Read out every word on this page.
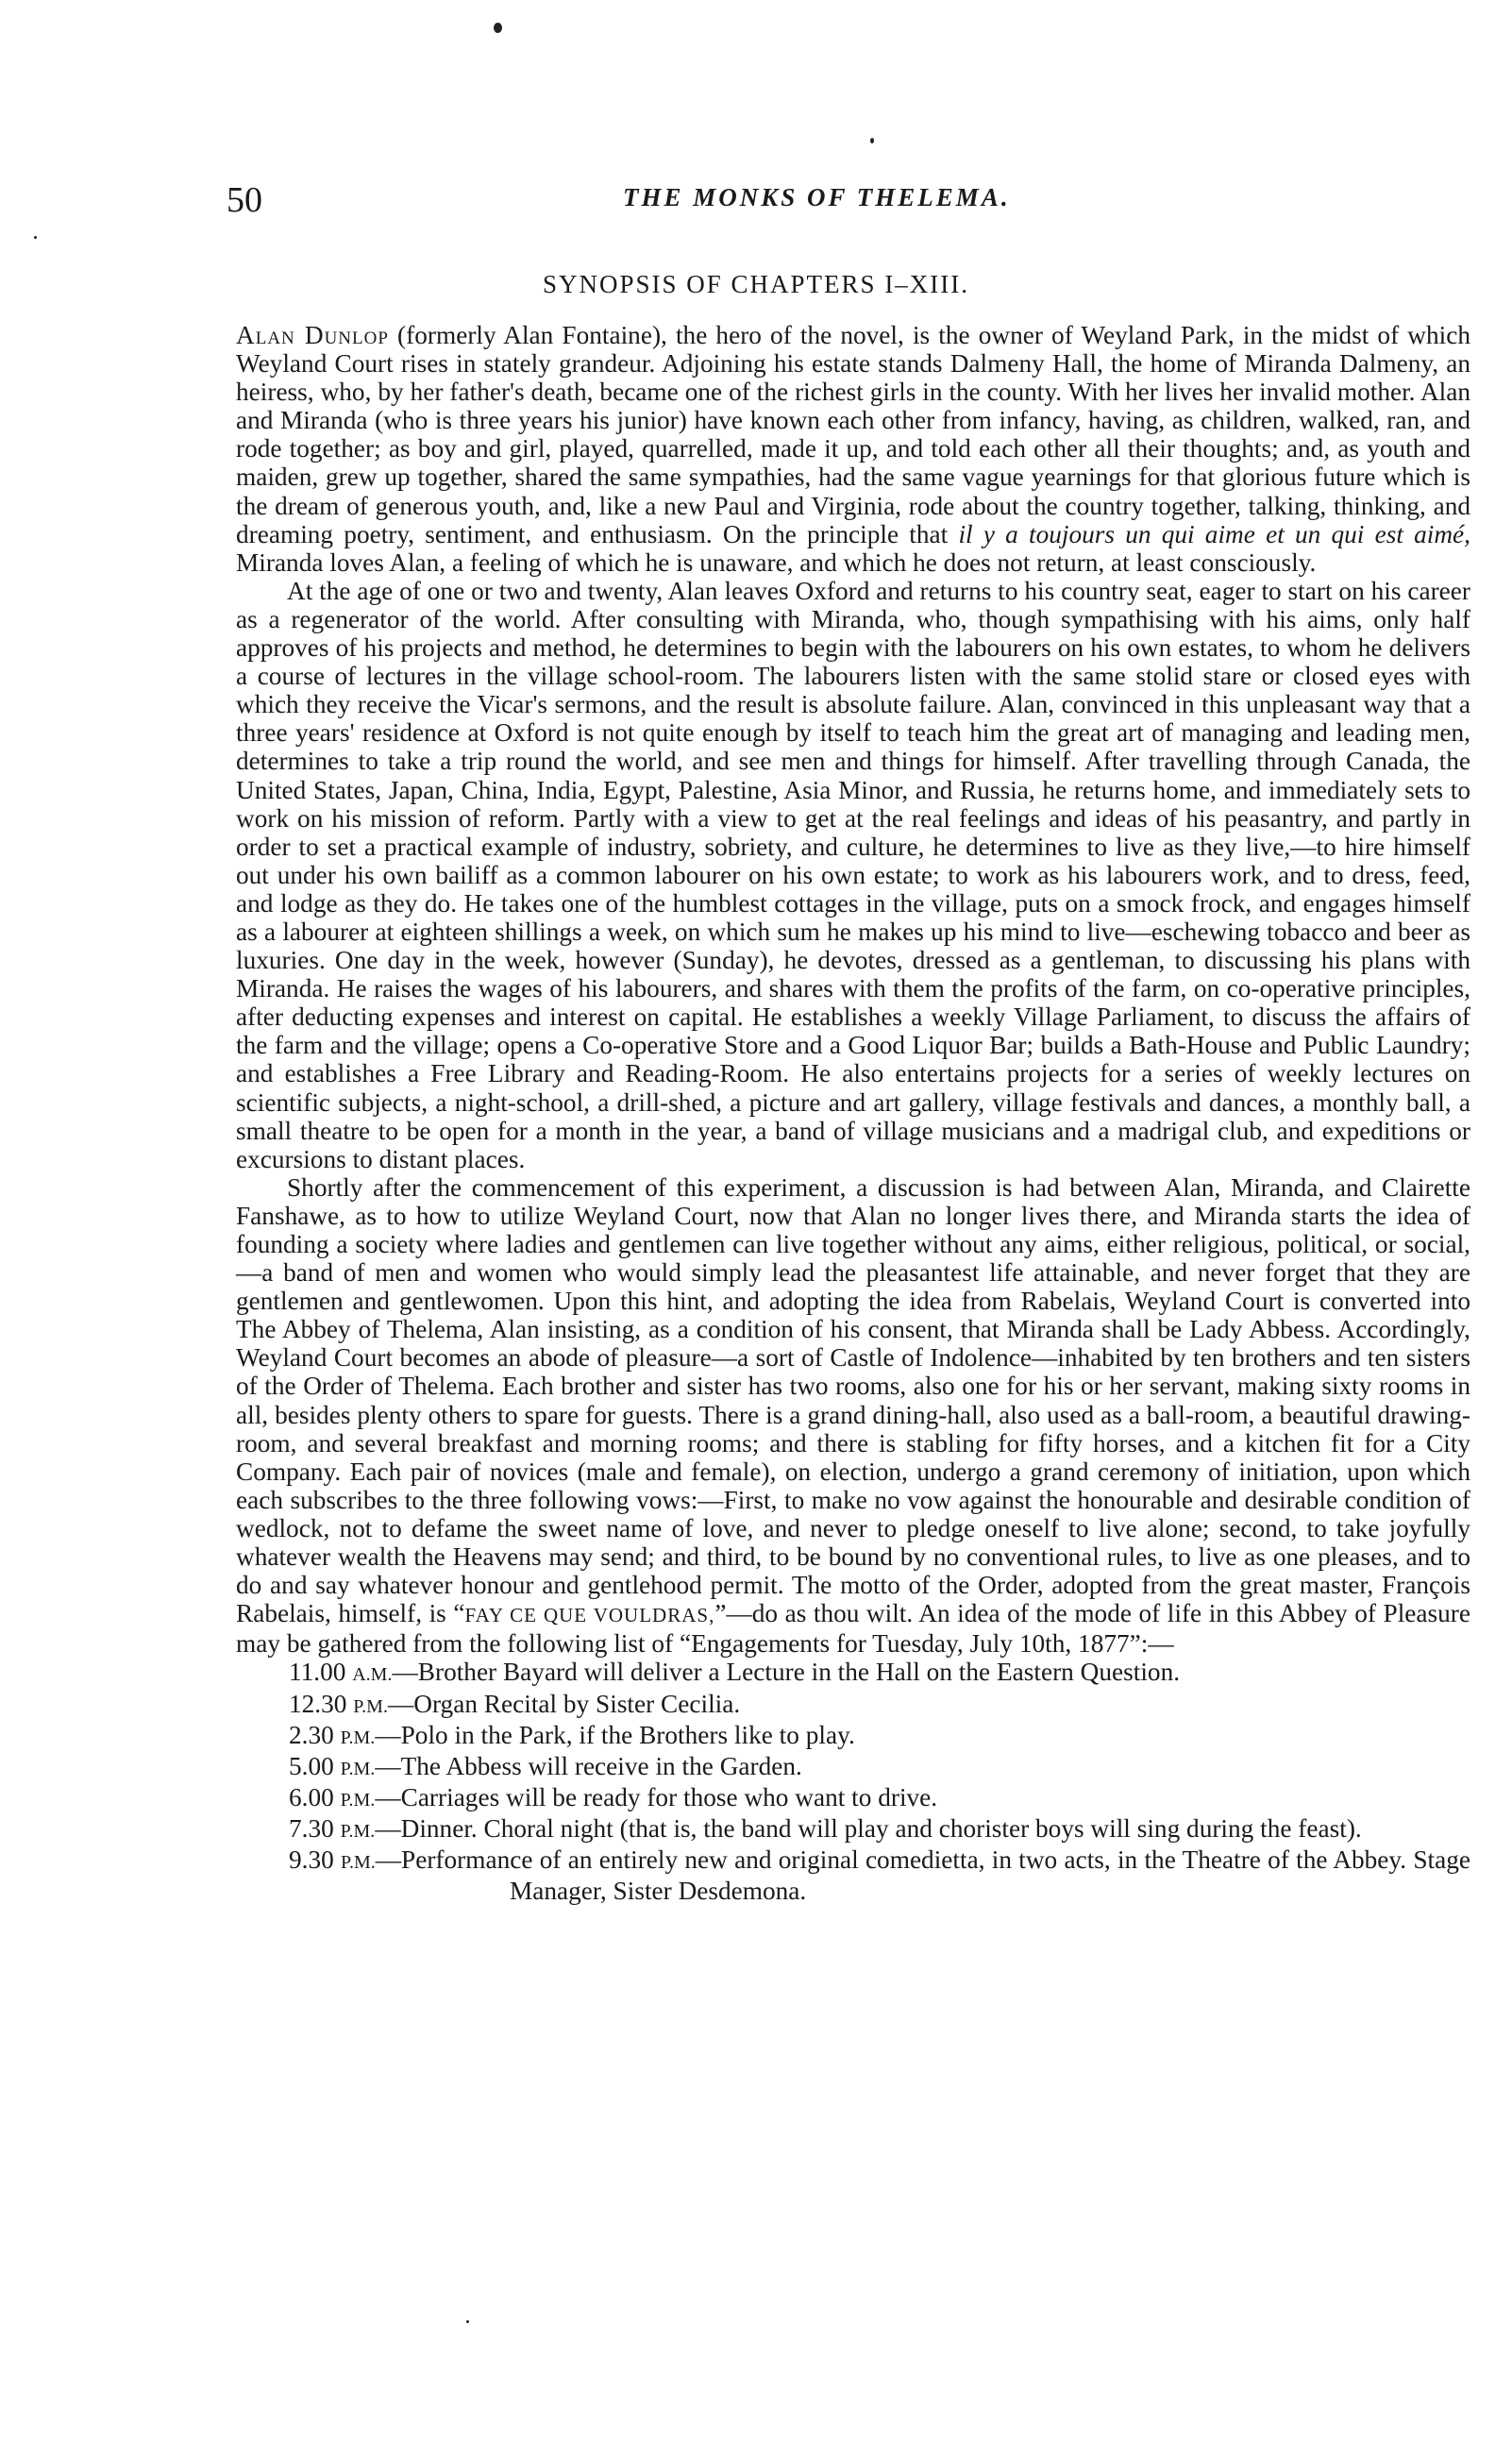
50	THE MONKS OF THELEMA.
SYNOPSIS OF CHAPTERS I–XIII.

Alan Dunlop (formerly Alan Fontaine), the hero of the novel, is the owner of Weyland Park, in the midst of which Weyland Court rises in stately grandeur. Adjoining his estate stands Dalmeny Hall, the home of Miranda Dalmeny, an heiress, who, by her father's death, became one of the richest girls in the county. With her lives her invalid mother. Alan and Miranda (who is three years his junior) have known each other from infancy, having, as children, walked, ran, and rode together; as boy and girl, played, quarrelled, made it up, and told each other all their thoughts; and, as youth and maiden, grew up together, shared the same sympathies, had the same vague yearnings for that glorious future which is the dream of generous youth, and, like a new Paul and Virginia, rode about the country together, talking, thinking, and dreaming poetry, sentiment, and enthusiasm. On the principle that il y a toujours un qui aime et un qui est aimé, Miranda loves Alan, a feeling of which he is unaware, and which he does not return, at least consciously.

At the age of one or two and twenty, Alan leaves Oxford and returns to his country seat, eager to start on his career as a regenerator of the world. After consulting with Miranda, who, though sympathising with his aims, only half approves of his projects and method, he determines to begin with the labourers on his own estates, to whom he delivers a course of lectures in the village school-room. The labourers listen with the same stolid stare or closed eyes with which they receive the Vicar's sermons, and the result is absolute failure. Alan, convinced in this unpleasant way that a three years' residence at Oxford is not quite enough by itself to teach him the great art of managing and leading men, determines to take a trip round the world, and see men and things for himself. After travelling through Canada, the United States, Japan, China, India, Egypt, Palestine, Asia Minor, and Russia, he returns home, and immediately sets to work on his mission of reform. Partly with a view to get at the real feelings and ideas of his peasantry, and partly in order to set a practical example of industry, sobriety, and culture, he determines to live as they live,—to hire himself out under his own bailiff as a common labourer on his own estate; to work as his labourers work, and to dress, feed, and lodge as they do. He takes one of the humblest cottages in the village, puts on a smock frock, and engages himself as a labourer at eighteen shillings a week, on which sum he makes up his mind to live—eschewing tobacco and beer as luxuries. One day in the week, however (Sunday), he devotes, dressed as a gentleman, to discussing his plans with Miranda. He raises the wages of his labourers, and shares with them the profits of the farm, on co-operative principles, after deducting expenses and interest on capital. He establishes a weekly Village Parliament, to discuss the affairs of the farm and the village; opens a Co-operative Store and a Good Liquor Bar; builds a Bath-House and Public Laundry; and establishes a Free Library and Reading-Room. He also entertains projects for a series of weekly lectures on scientific subjects, a night-school, a drill-shed, a picture and art gallery, village festivals and dances, a monthly ball, a small theatre to be open for a month in the year, a band of village musicians and a madrigal club, and expeditions or excursions to distant places.

Shortly after the commencement of this experiment, a discussion is had between Alan, Miranda, and Clairette Fanshawe, as to how to utilize Weyland Court, now that Alan no longer lives there, and Miranda starts the idea of founding a society where ladies and gentlemen can live together without any aims, either religious, political, or social,—a band of men and women who would simply lead the pleasantest life attainable, and never forget that they are gentlemen and gentlewomen. Upon this hint, and adopting the idea from Rabelais, Weyland Court is converted into The Abbey of Thelema, Alan insisting, as a condition of his consent, that Miranda shall be Lady Abbess. Accordingly, Weyland Court becomes an abode of pleasure—a sort of Castle of Indolence—inhabited by ten brothers and ten sisters of the Order of Thelema. Each brother and sister has two rooms, also one for his or her servant, making sixty rooms in all, besides plenty others to spare for guests. There is a grand dining-hall, also used as a ball-room, a beautiful drawing-room, and several breakfast and morning rooms; and there is stabling for fifty horses, and a kitchen fit for a City Company. Each pair of novices (male and female), on election, undergo a grand ceremony of initiation, upon which each subscribes to the three following vows:—First, to make no vow against the honourable and desirable condition of wedlock, not to defame the sweet name of love, and never to pledge oneself to live alone; second, to take joyfully whatever wealth the Heavens may send; and third, to be bound by no conventional rules, to live as one pleases, and to do and say whatever honour and gentlehood permit. The motto of the Order, adopted from the great master, François Rabelais, himself, is “FAY CE QUE VOULDRAS,”—do as thou wilt. An idea of the mode of life in this Abbey of Pleasure may be gathered from the following list of “Engagements for Tuesday, July 10th, 1877”:—

11.00 A.M.—Brother Bayard will deliver a Lecture in the Hall on the Eastern Question.
12.30 P.M.—Organ Recital by Sister Cecilia.
2.30 P.M.—Polo in the Park, if the Brothers like to play.
5.00 P.M.—The Abbess will receive in the Garden.
6.00 P.M.—Carriages will be ready for those who want to drive.
7.30 P.M.—Dinner. Choral night (that is, the band will play and chorister boys will sing during the feast).
9.30 P.M.—Performance of an entirely new and original comedietta, in two acts, in the Theatre of the Abbey. Stage Manager, Sister Desdemona.
